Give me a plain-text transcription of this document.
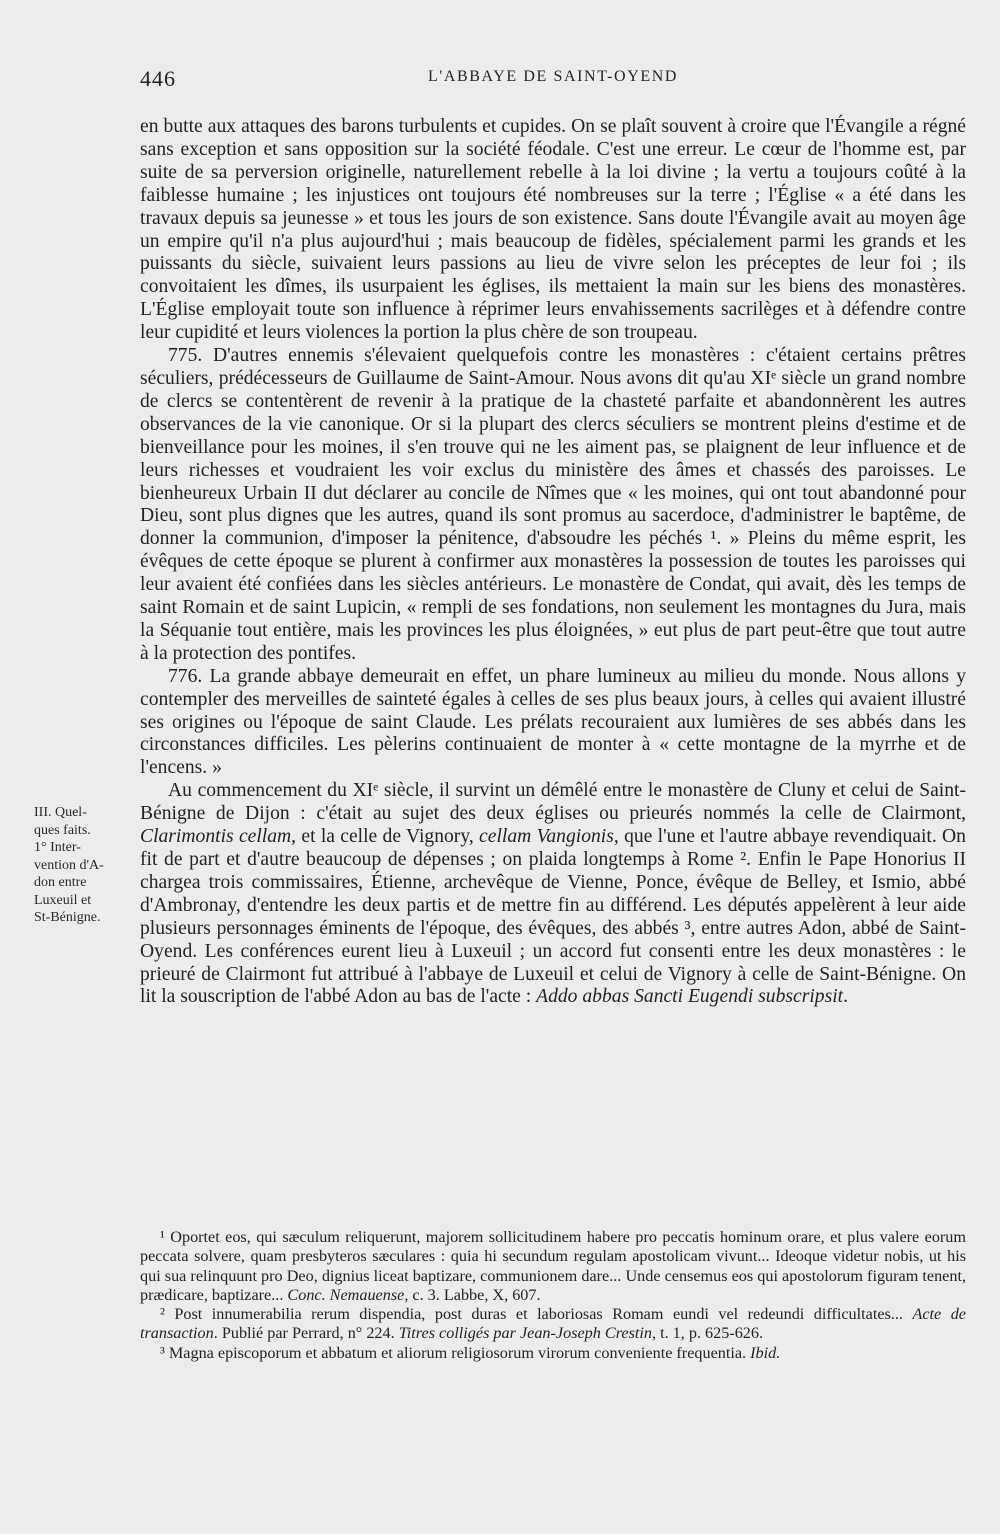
446	L'ABBAYE DE SAINT-OYEND
III. Quel-
ques faits.
1° Inter-
vention d'A-
don entre
Luxeuil et
St-Bénigne.

en butte aux attaques des barons turbulents et cupides. On se plaît souvent à croire que l'Évangile a régné sans exception et sans opposition sur la société féodale. C'est une erreur. Le cœur de l'homme est, par suite de sa perversion originelle, naturellement rebelle à la loi divine ; la vertu a toujours coûté à la faiblesse humaine ; les injustices ont toujours été nombreuses sur la terre ; l'Église « a été dans les travaux depuis sa jeunesse » et tous les jours de son existence. Sans doute l'Évangile avait au moyen âge un empire qu'il n'a plus aujourd'hui ; mais beaucoup de fidèles, spécialement parmi les grands et les puissants du siècle, suivaient leurs passions au lieu de vivre selon les préceptes de leur foi ; ils convoitaient les dîmes, ils usurpaient les églises, ils mettaient la main sur les biens des monastères. L'Église employait toute son influence à réprimer leurs envahissements sacrilèges et à défendre contre leur cupidité et leurs violences la portion la plus chère de son troupeau.

775. D'autres ennemis s'élevaient quelquefois contre les monastères : c'étaient certains prêtres séculiers, prédécesseurs de Guillaume de Saint-Amour. Nous avons dit qu'au XIᵉ siècle un grand nombre de clercs se contentèrent de revenir à la pratique de la chasteté parfaite et abandonnèrent les autres observances de la vie canonique. Or si la plupart des clercs séculiers se montrent pleins d'estime et de bienveillance pour les moines, il s'en trouve qui ne les aiment pas, se plaignent de leur influence et de leurs richesses et voudraient les voir exclus du ministère des âmes et chassés des paroisses. Le bienheureux Urbain II dut déclarer au concile de Nîmes que « les moines, qui ont tout abandonné pour Dieu, sont plus dignes que les autres, quand ils sont promus au sacerdoce, d'administrer le baptême, de donner la communion, d'imposer la pénitence, d'absoudre les péchés ¹. » Pleins du même esprit, les évêques de cette époque se plurent à confirmer aux monastères la possession de toutes les paroisses qui leur avaient été confiées dans les siècles antérieurs. Le monastère de Condat, qui avait, dès les temps de saint Romain et de saint Lupicin, « rempli de ses fondations, non seulement les montagnes du Jura, mais la Séquanie tout entière, mais les provinces les plus éloignées, » eut plus de part peut-être que tout autre à la protection des pontifes.

776. La grande abbaye demeurait en effet, un phare lumineux au milieu du monde. Nous allons y contempler des merveilles de sainteté égales à celles de ses plus beaux jours, à celles qui avaient illustré ses origines ou l'époque de saint Claude. Les prélats recouraient aux lumières de ses abbés dans les circonstances difficiles. Les pèlerins continuaient de monter à « cette montagne de la myrrhe et de l'encens. »

Au commencement du XIᵉ siècle, il survint un démêlé entre le monastère de Cluny et celui de Saint-Bénigne de Dijon : c'était au sujet des deux églises ou prieurés nommés la celle de Clairmont, Clarimontis cellam, et la celle de Vignory, cellam Vangionis, que l'une et l'autre abbaye revendiquait. On fit de part et d'autre beaucoup de dépenses ; on plaida longtemps à Rome ². Enfin le Pape Honorius II chargea trois commissaires, Étienne, archevêque de Vienne, Ponce, évêque de Belley, et Ismio, abbé d'Ambronay, d'entendre les deux partis et de mettre fin au différend. Les députés appelèrent à leur aide plusieurs personnages éminents de l'époque, des évêques, des abbés ³, entre autres Adon, abbé de Saint-Oyend. Les conférences eurent lieu à Luxeuil ; un accord fut consenti entre les deux monastères : le prieuré de Clairmont fut attribué à l'abbaye de Luxeuil et celui de Vignory à celle de Saint-Bénigne. On lit la souscription de l'abbé Adon au bas de l'acte : Addo abbas Sancti Eugendi subscripsit.

¹ Oportet eos, qui sæculum reliquerunt, majorem sollicitudinem habere pro peccatis hominum orare, et plus valere eorum peccata solvere, quam presbyteros sæculares : quia hi secundum regulam apostolicam vivunt... Ideoque videtur nobis, ut his qui sua relinquunt pro Deo, dignius liceat baptizare, communionem dare... Unde censemus eos qui apostolorum figuram tenent, prædicare, baptizare... Conc. Nemauense, c. 3. Labbe, X, 607.

² Post innumerabilia rerum dispendia, post duras et laboriosas Romam eundi vel redeundi difficultates... Acte de transaction. Publié par Perrard, n° 224. Titres colligés par Jean-Joseph Crestin, t. 1, p. 625-626.

³ Magna episcoporum et abbatum et aliorum religiosorum virorum conveniente frequentia. Ibid.
